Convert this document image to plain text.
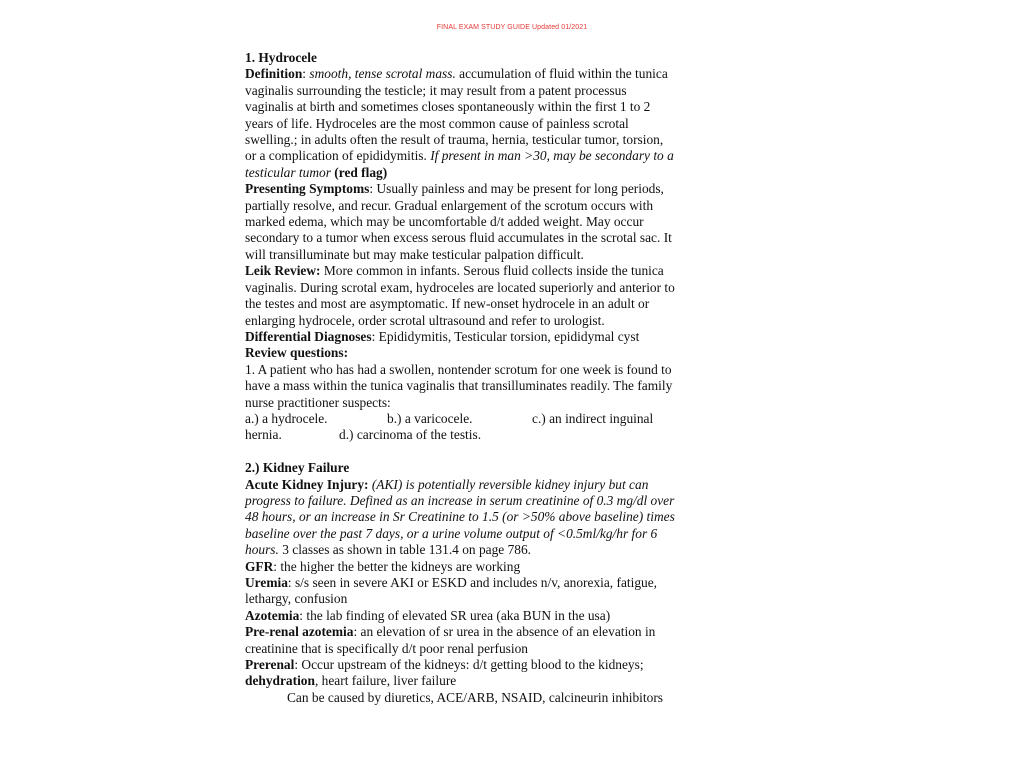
FINAL EXAM STUDY GUIDE Updated 01/2021

1. Hydrocele

Definition: smooth, tense scrotal mass. accumulation of fluid within the tunica vaginalis surrounding the testicle; it may result from a patent processus vaginalis at birth and sometimes closes spontaneously within the first 1 to 2 years of life. Hydroceles are the most common cause of painless scrotal swelling.; in adults often the result of trauma, hernia, testicular tumor, torsion, or a complication of epididymitis. If present in man >30, may be secondary to a testicular tumor (red flag)

Presenting Symptoms: Usually painless and may be present for long periods, partially resolve, and recur. Gradual enlargement of the scrotum occurs with marked edema, which may be uncomfortable d/t added weight. May occur secondary to a tumor when excess serous fluid accumulates in the scrotal sac. It will transilluminate but may make testicular palpation difficult.

Leik Review: More common in infants. Serous fluid collects inside the tunica vaginalis. During scrotal exam, hydroceles are located superiorly and anterior to the testes and most are asymptomatic. If new-onset hydrocele in an adult or enlarging hydrocele, order scrotal ultrasound and refer to urologist.

Differential Diagnoses: Epididymitis, Testicular torsion, epididymal cyst

Review questions:

1. A patient who has had a swollen, nontender scrotum for one week is found to have a mass within the tunica vaginalis that transilluminates readily. The family nurse practitioner suspects:

a.) a hydrocele.	b.) a varicocele.	c.) an indirect inguinal
hernia.	d.) carcinoma of the testis.

2.) Kidney Failure

Acute Kidney Injury: (AKI) is potentially reversible kidney injury but can progress to failure. Defined as an increase in serum creatinine of 0.3 mg/dl over 48 hours, or an increase in Sr Creatinine to 1.5 (or >50% above baseline) times baseline over the past 7 days, or a urine volume output of <0.5ml/kg/hr for 6 hours. 3 classes as shown in table 131.4 on page 786.

GFR: the higher the better the kidneys are working

Uremia: s/s seen in severe AKI or ESKD and includes n/v, anorexia, fatigue, lethargy, confusion

Azotemia: the lab finding of elevated SR urea (aka BUN in the usa)

Pre-renal azotemia: an elevation of sr urea in the absence of an elevation in creatinine that is specifically d/t poor renal perfusion

Prerenal: Occur upstream of the kidneys: d/t getting blood to the kidneys; dehydration, heart failure, liver failure

Can be caused by diuretics, ACE/ARB, NSAID, calcineurin inhibitors
